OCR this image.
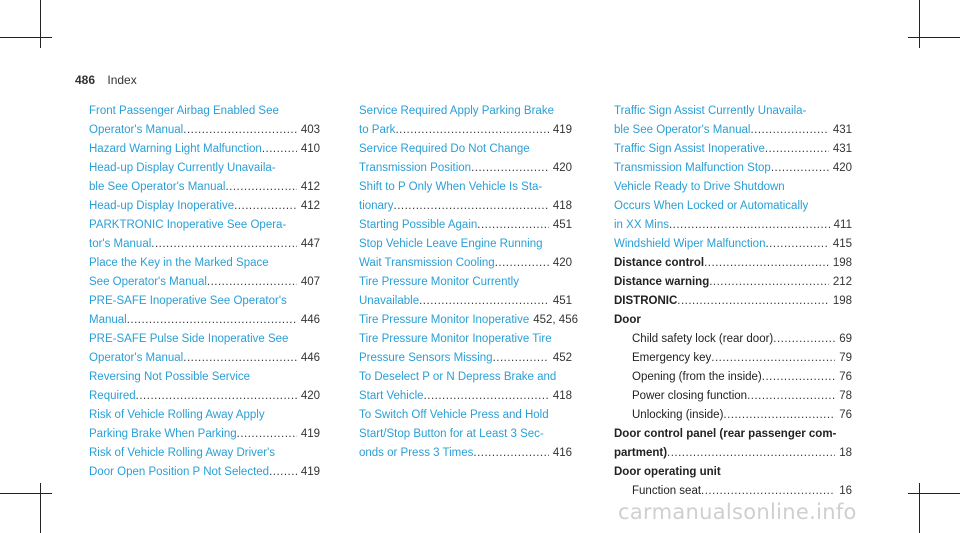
486 Index
Front Passenger Airbag Enabled See
Operator's Manual .....	403
Hazard Warning Light Malfunction .....	410
Head-up Display Currently Unavaila-
ble See Operator's Manual .....	412
Head-up Display Inoperative .....	412
PARKTRONIC Inoperative See Opera-
tor's Manual .....	447
Place the Key in the Marked Space
See Operator's Manual .....	407
PRE-SAFE Inoperative See Operator's
Manual .....	446
PRE-SAFE Pulse Side Inoperative See
Operator's Manual .....	446
Reversing Not Possible Service
Required .....	420
Risk of Vehicle Rolling Away Apply
Parking Brake When Parking .....	419
Risk of Vehicle Rolling Away Driver's
Door Open Position P Not Selected .....	419
Service Required Apply Parking Brake
to Park .....	419
Service Required Do Not Change
Transmission Position .....	420
Shift to P Only When Vehicle Is Sta-
tionary .....	418
Starting Possible Again .....	451
Stop Vehicle Leave Engine Running
Wait Transmission Cooling .....	420
Tire Pressure Monitor Currently
Unavailable .....	451
Tire Pressure Monitor Inoperative 452, 456
Tire Pressure Monitor Inoperative Tire
Pressure Sensors Missing .....	452
To Deselect P or N Depress Brake and
Start Vehicle .....	418
To Switch Off Vehicle Press and Hold
Start/Stop Button for at Least 3 Sec-
onds or Press 3 Times .....	416
Traffic Sign Assist Currently Unavaila-
ble See Operator's Manual .....	431
Traffic Sign Assist Inoperative .....	431
Transmission Malfunction Stop .....	420
Vehicle Ready to Drive Shutdown
Occurs When Locked or Automatically
in XX Mins .....	411
Windshield Wiper Malfunction .....	415
Distance control .....	198
Distance warning .....	212
DISTRONIC .....	198
Door
Child safety lock (rear door) .....	69
Emergency key .....	79
Opening (from the inside) .....	76
Power closing function .....	78
Unlocking (inside) .....	76
Door control panel (rear passenger com-
partment) .....	18
Door operating unit
Function seat .....	16
carmanualsonline.info
